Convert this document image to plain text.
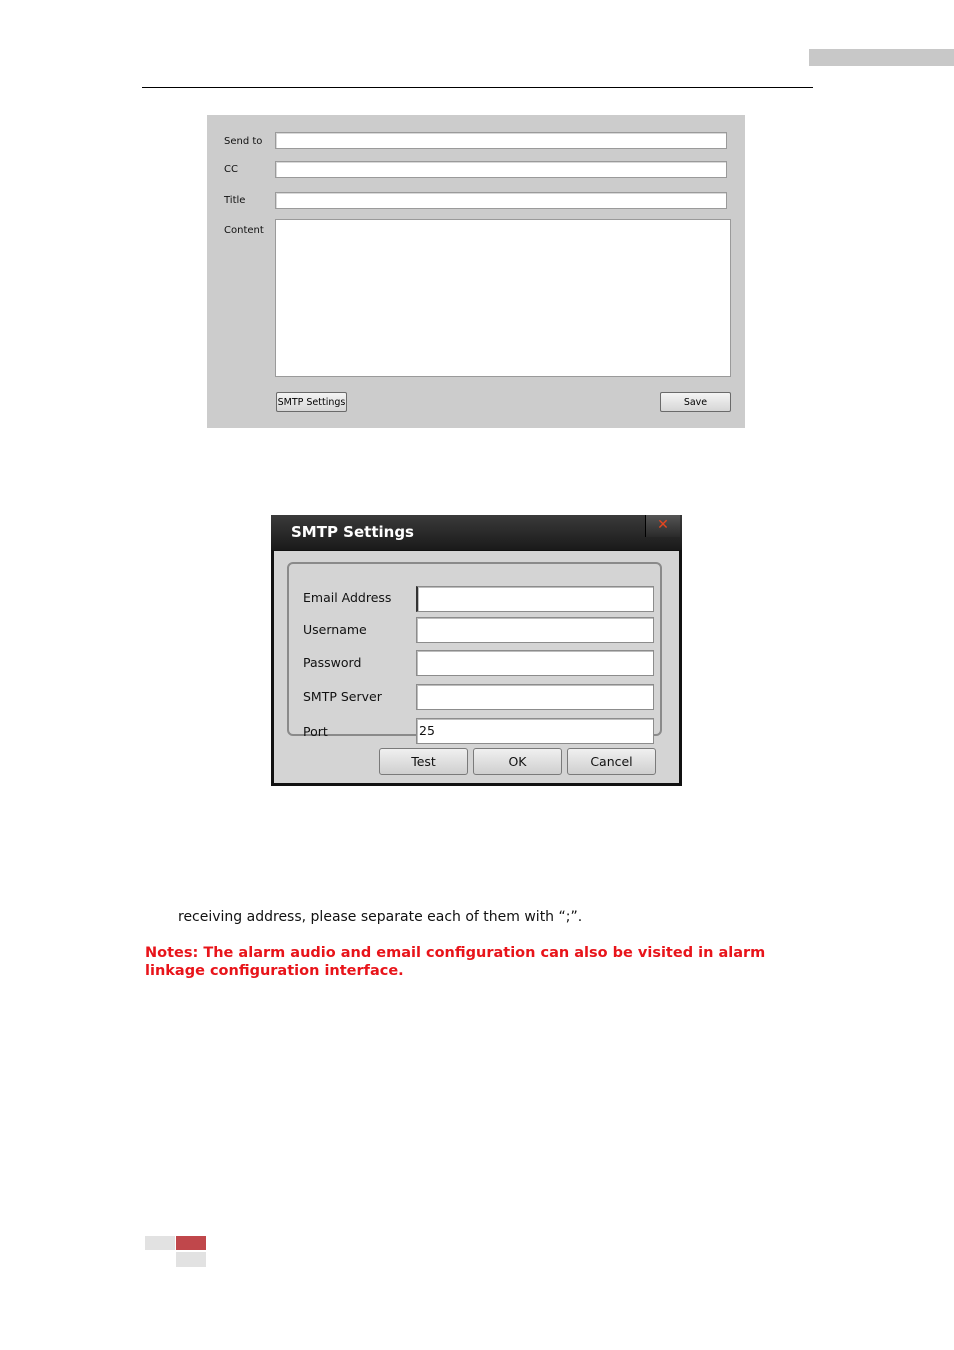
Send to
CC
Title
Content
SMTP Settings	Save
SMTP Settings	✕
Email Address
Username
Password
SMTP Server
Port	25
Test	OK	Cancel
receiving address, please separate each of them with “;”.
Notes: The alarm audio and email configuration can also be visited in alarm linkage configuration interface.
